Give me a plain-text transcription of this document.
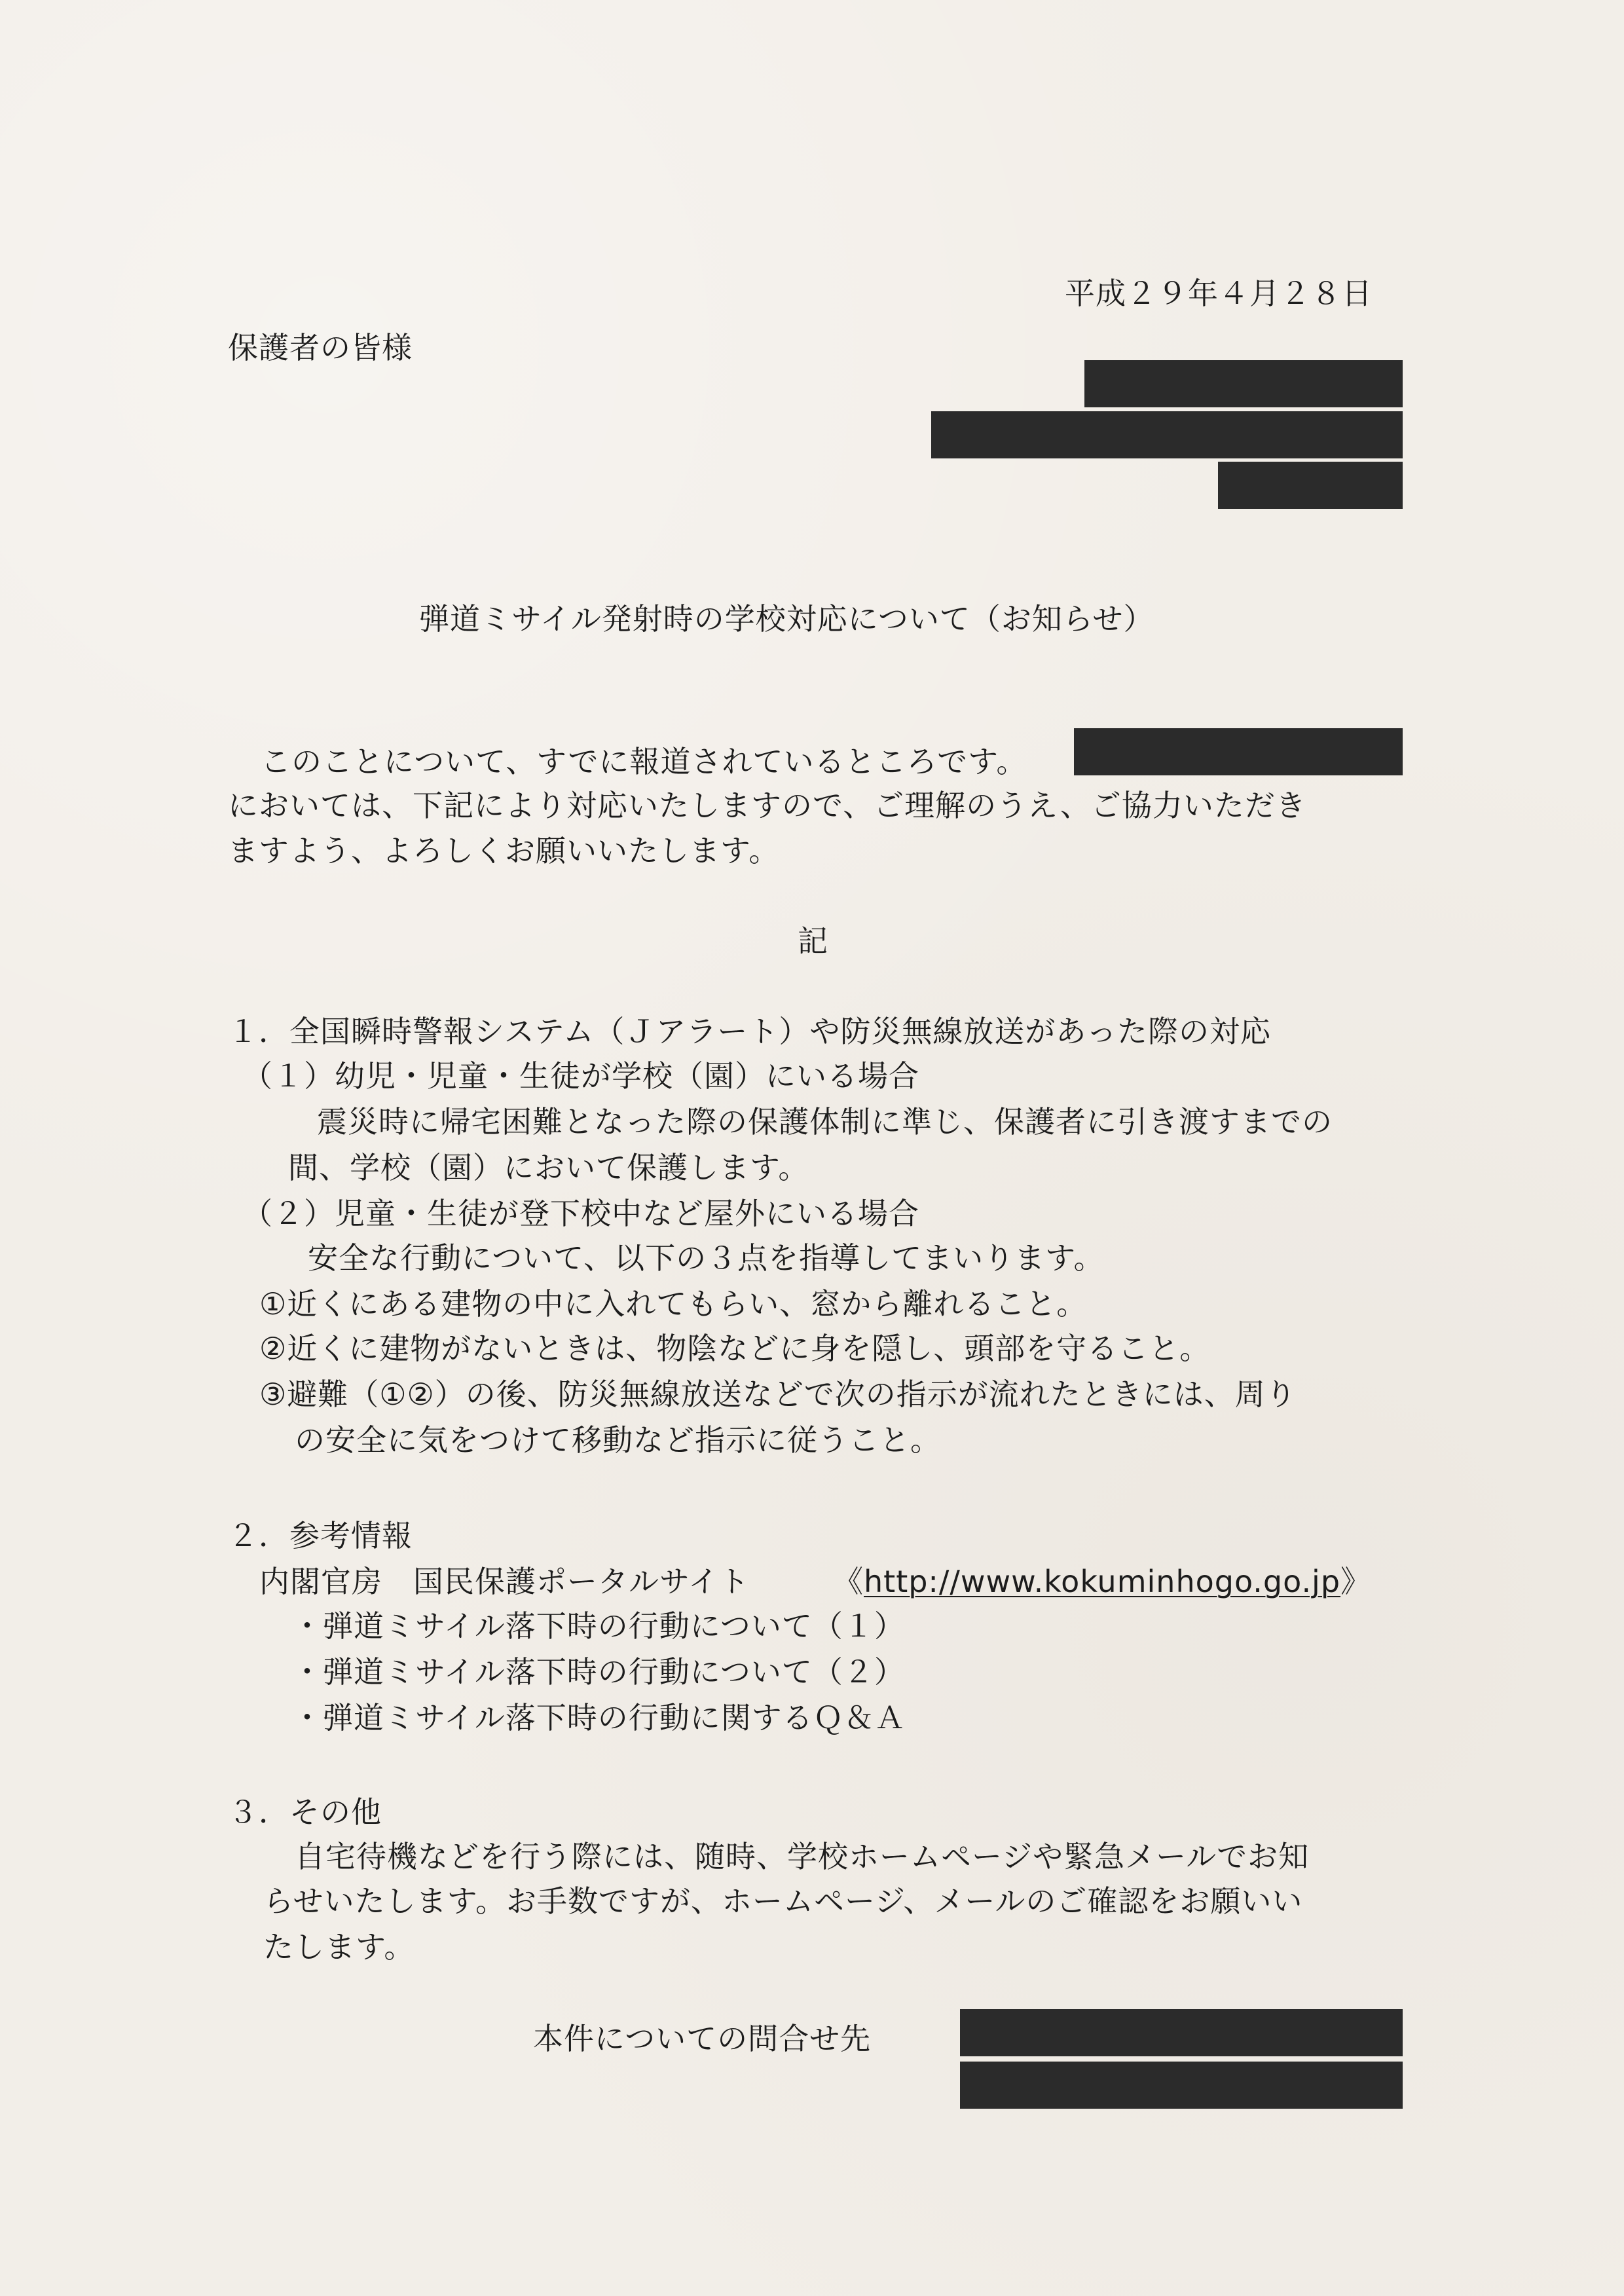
平成２９年４月２８日
保護者の皆様
弾道ミサイル発射時の学校対応について（お知らせ）
このことについて、すでに報道されているところです。
においては、下記により対応いたしますので、ご理解のうえ、ご協力いただき
ますよう、よろしくお願いいたします。
記
１．全国瞬時警報システム（Ｊアラート）や防災無線放送があった際の対応
（１）幼児・児童・生徒が学校（園）にいる場合
震災時に帰宅困難となった際の保護体制に準じ、保護者に引き渡すまでの
間、学校（園）において保護します。
（２）児童・生徒が登下校中など屋外にいる場合
安全な行動について、以下の３点を指導してまいります。
①近くにある建物の中に入れてもらい、窓から離れること。
②近くに建物がないときは、物陰などに身を隠し、頭部を守ること。
③避難（①②）の後、防災無線放送などで次の指示が流れたときには、周り
の安全に気をつけて移動など指示に従うこと。
２．参考情報
内閣官房　国民保護ポータルサイト	《http://www.kokuminhogo.go.jp》
・弾道ミサイル落下時の行動について（１）
・弾道ミサイル落下時の行動について（２）
・弾道ミサイル落下時の行動に関するＱ＆Ａ
３．その他
自宅待機などを行う際には、随時、学校ホームページや緊急メールでお知
らせいたします。お手数ですが、ホームページ、メールのご確認をお願いい
たします。
本件についての問合せ先
